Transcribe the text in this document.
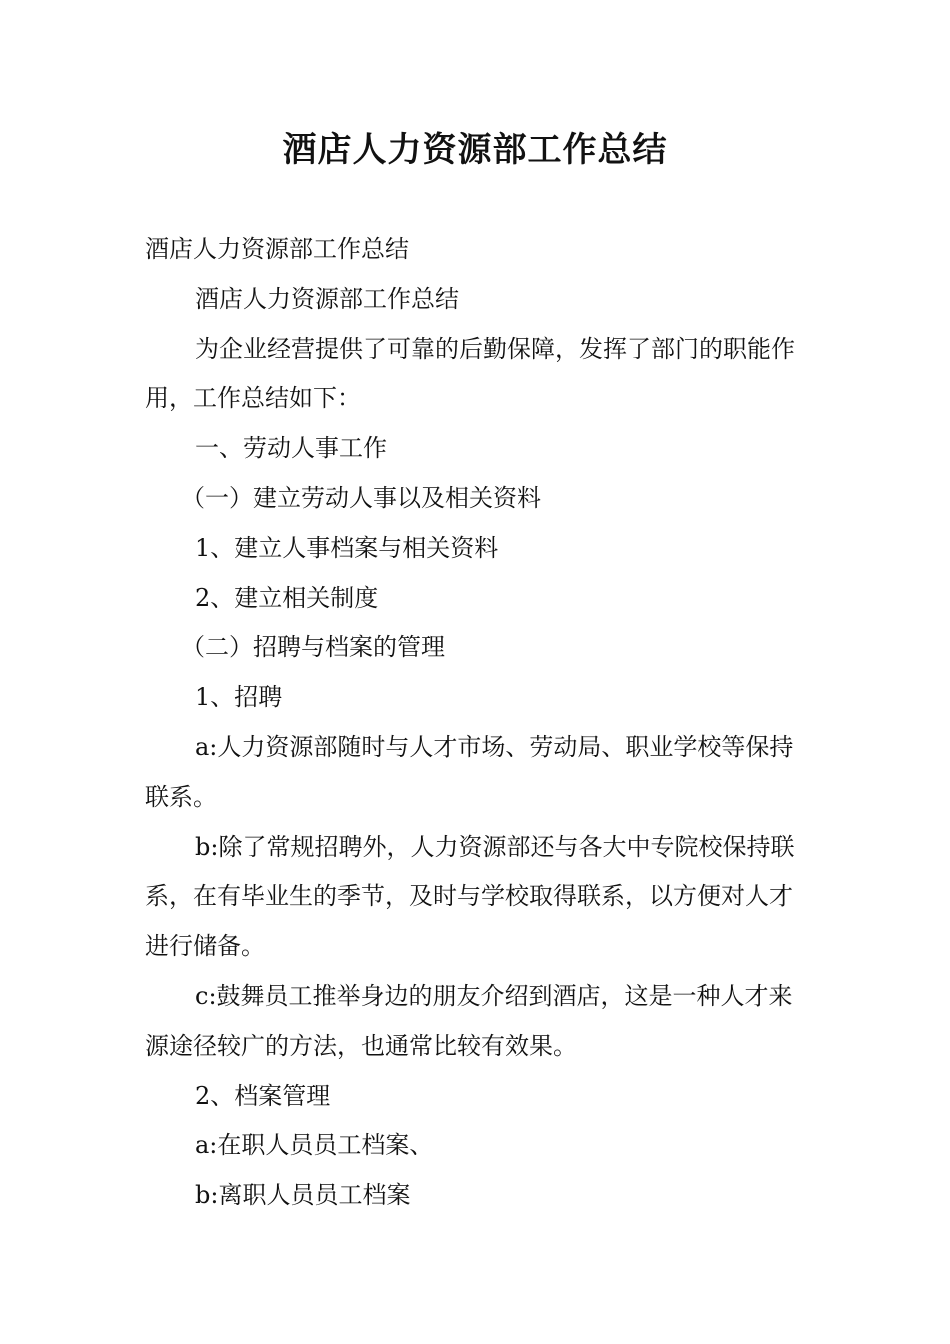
酒店人力资源部工作总结

酒店人力资源部工作总结

酒店人力资源部工作总结

为企业经营提供了可靠的后勤保障，发挥了部门的职能作用，工作总结如下：

一、劳动人事工作

（一）建立劳动人事以及相关资料

1、建立人事档案与相关资料

2、建立相关制度

（二）招聘与档案的管理

1、招聘

a:人力资源部随时与人才市场、劳动局、职业学校等保持联系。

b:除了常规招聘外，人力资源部还与各大中专院校保持联系，在有毕业生的季节，及时与学校取得联系，以方便对人才进行储备。

c:鼓舞员工推举身边的朋友介绍到酒店，这是一种人才来源途径较广的方法，也通常比较有效果。

2、档案管理

a:在职人员员工档案、

b:离职人员员工档案
